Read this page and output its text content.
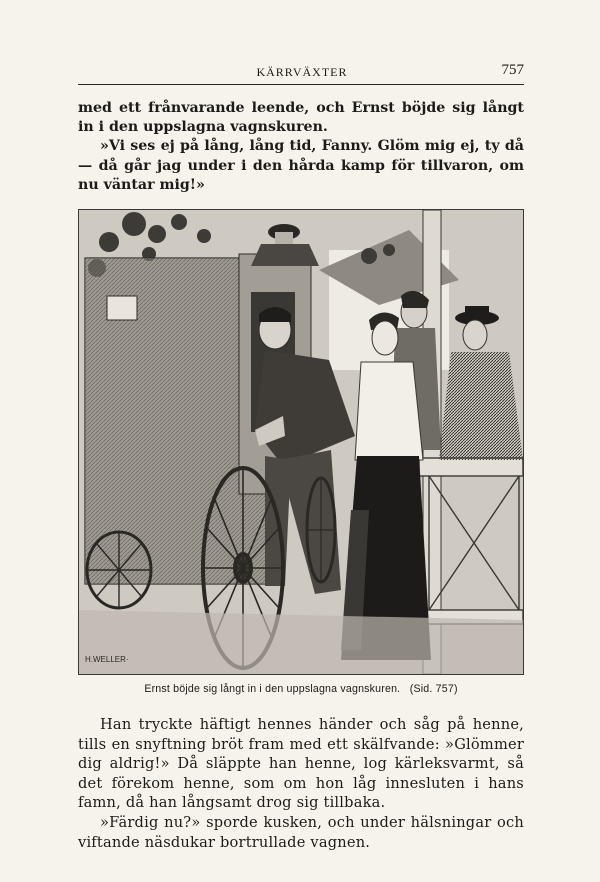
KÄRRVÄXTER	757

med ett frånvarande leende, och Ernst böjde sig långt in i den uppslagna vagnskuren.

»Vi ses ej på lång, lång tid, Fanny. Glöm mig ej, ty då — då går jag under i den hårda kamp för tillvaron, om nu väntar mig!»

H.WELLER·
Ernst böjde sig långt in i den uppslagna vagnskuren. (Sid. 757)

Han tryckte häftigt hennes händer och såg på henne, tills en snyftning bröt fram med ett skälfvande: »Glömmer dig aldrig!» Då släppte han henne, log kärleksvarmt, så det förekom henne, som om hon låg innesluten i hans famn, då han långsamt drog sig tillbaka.

»Färdig nu?» sporde kusken, och under hälsningar och viftande näsdukar bortrullade vagnen.
